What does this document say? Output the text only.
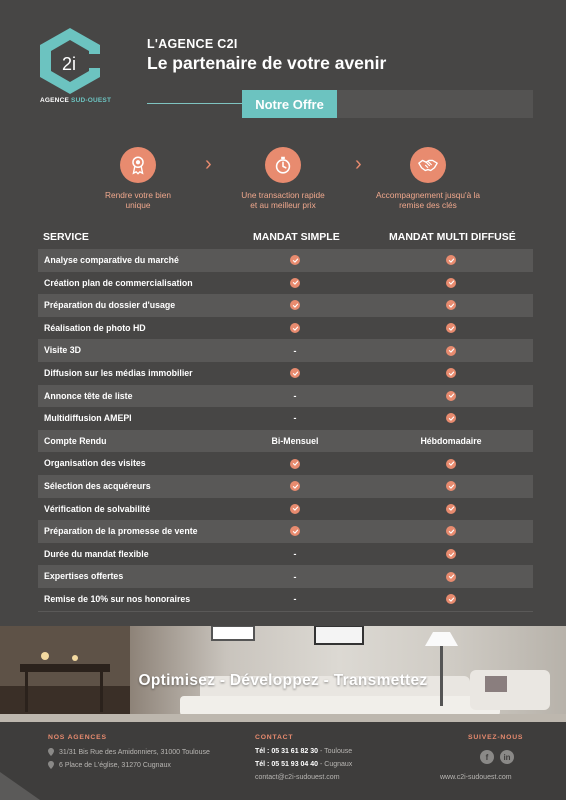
2i
AGENCE SUD-OUEST
L'AGENCE C2I
Le partenaire de votre avenir
Notre Offre
Rendre votre bien
unique
›
Une transaction rapide
et au meilleur prix
›
Accompagnement jusqu'à la
remise des clés
SERVICE	MANDAT SIMPLE	MANDAT MULTI DIFFUSÉ
Analyse comparative du marché
Création plan de commercialisation
Préparation du dossier d'usage
Réalisation de photo HD
Visite 3D	-
Diffusion sur les médias immobilier
Annonce tête de liste	-
Multidiffusion AMEPI	-
Compte Rendu	Bi-Mensuel	Hébdomadaire
Organisation des visites
Sélection des acquéreurs
Vérification de solvabilité
Préparation de la promesse de vente
Durée du mandat flexible	-
Expertises offertes	-
Remise de 10% sur nos honoraires	-
Optimisez - Développez - Transmettez
NOS AGENCES
31/31 Bis Rue des Amidonniers, 31000 Toulouse
6 Place de L'église, 31270 Cugnaux
CONTACT
Tél : 05 31 61 82 30 - Toulouse
Tél : 05 51 93 04 40 - Cugnaux
contact@c2i-sudouest.com
SUIVEZ-NOUS
f	in
www.c2i-sudouest.com
